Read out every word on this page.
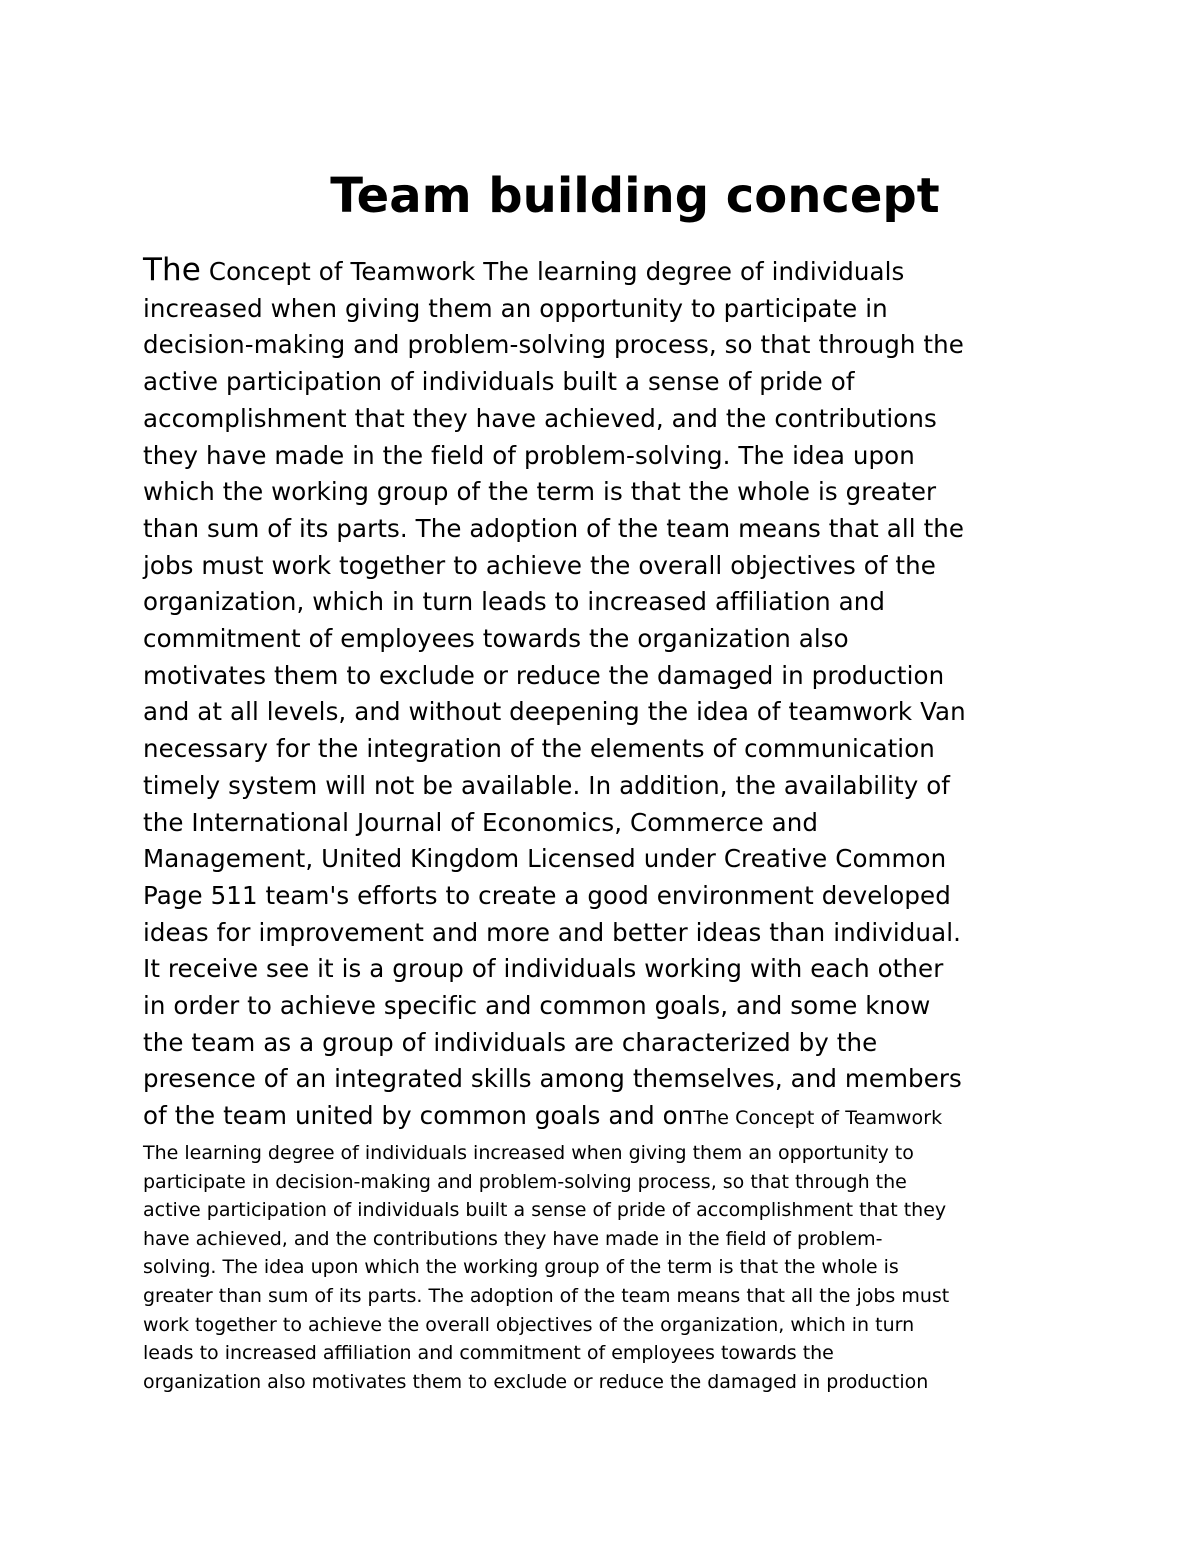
Team building concept
The Concept of Teamwork The learning degree of individuals
increased when giving them an opportunity to participate in
decision-making and problem-solving process, so that through the
active participation of individuals built a sense of pride of
accomplishment that they have achieved, and the contributions
they have made in the field of problem-solving. The idea upon
which the working group of the term is that the whole is greater
than sum of its parts. The adoption of the team means that all the
jobs must work together to achieve the overall objectives of the
organization, which in turn leads to increased affiliation and
commitment of employees towards the organization also
motivates them to exclude or reduce the damaged in production
and at all levels, and without deepening the idea of teamwork Van
necessary for the integration of the elements of communication
timely system will not be available. In addition, the availability of
the International Journal of Economics, Commerce and
Management, United Kingdom Licensed under Creative Common
Page 511 team's efforts to create a good environment developed
ideas for improvement and more and better ideas than individual.
It receive see it is a group of individuals working with each other
in order to achieve specific and common goals, and some know
the team as a group of individuals are characterized by the
presence of an integrated skills among themselves, and members
of the team united by common goals and onThe Concept of Teamwork
The learning degree of individuals increased when giving them an opportunity to
participate in decision-making and problem-solving process, so that through the
active participation of individuals built a sense of pride of accomplishment that they
have achieved, and the contributions they have made in the field of problem-
solving. The idea upon which the working group of the term is that the whole is
greater than sum of its parts. The adoption of the team means that all the jobs must
work together to achieve the overall objectives of the organization, which in turn
leads to increased affiliation and commitment of employees towards the
organization also motivates them to exclude or reduce the damaged in production
